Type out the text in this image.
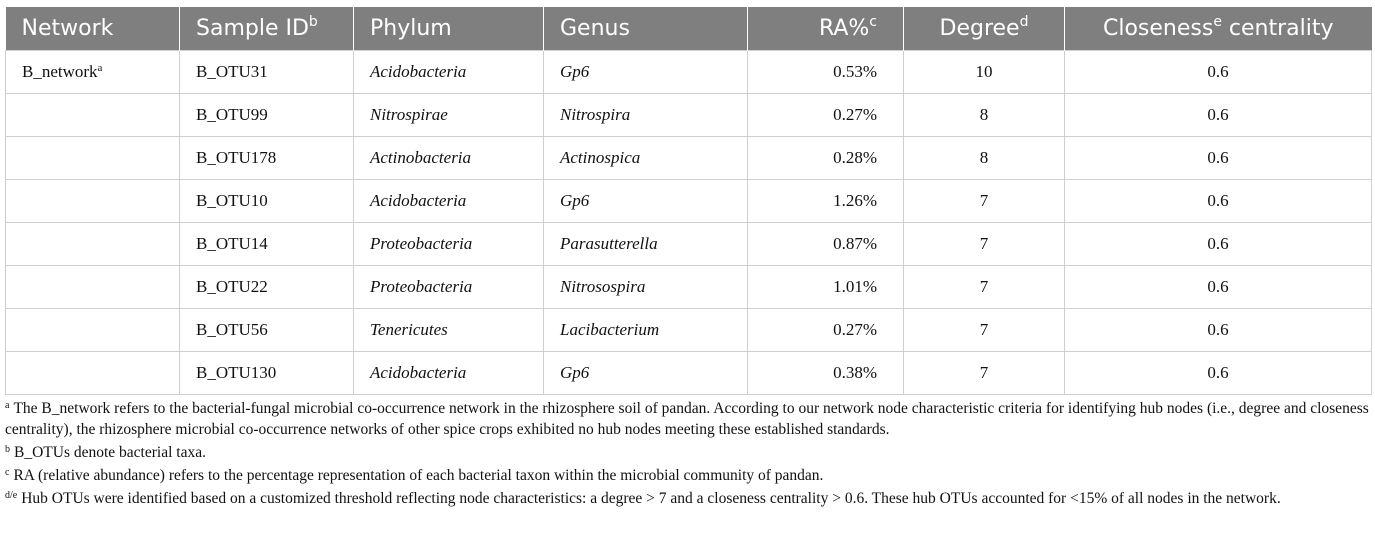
Network	Sample $ID^b$	Phylum	Genus	RA%$^c$	Degree$^d$	Closeness$^e$ centrality
B_network$^a$	B_OTU31	Acidobacteria	Gp6	0.53%	10	0.6
	B_OTU99	Nitrospirae	Nitrospira	0.27%	8	0.6
	B_OTU178	Actinobacteria	Actinospica	0.28%	8	0.6
	B_OTU10	Acidobacteria	Gp6	1.26%	7	0.6
	B_OTU14	Proteobacteria	Parasutterella	0.87%	7	0.6
	B_OTU22	Proteobacteria	Nitrosospira	1.01%	7	0.6
	B_OTU56	Tenericutes	Lacibacterium	0.27%	7	0.6
	B_OTU130	Acidobacteria	Gp6	0.38%	7	0.6
$^a$ The B_network refers to the bacterial-fungal microbial co-occurrence network in the rhizosphere soil of pandan. According to our network node characteristic criteria for identifying hub nodes (i.e., degree and closeness centrality), the rhizosphere microbial co-occurrence networks of other spice crops exhibited no hub nodes meeting these established standards.
$^b$ B_OTUs denote bacterial taxa.
$^c$ RA (relative abundance) refers to the percentage representation of each bacterial taxon within the microbial community of pandan.
$^{d/e}$ Hub OTUs were identified based on a customized threshold reflecting node characteristics: a degree > 7 and a closeness centrality > 0.6. These hub OTUs accounted for <15% of all nodes in the network.
